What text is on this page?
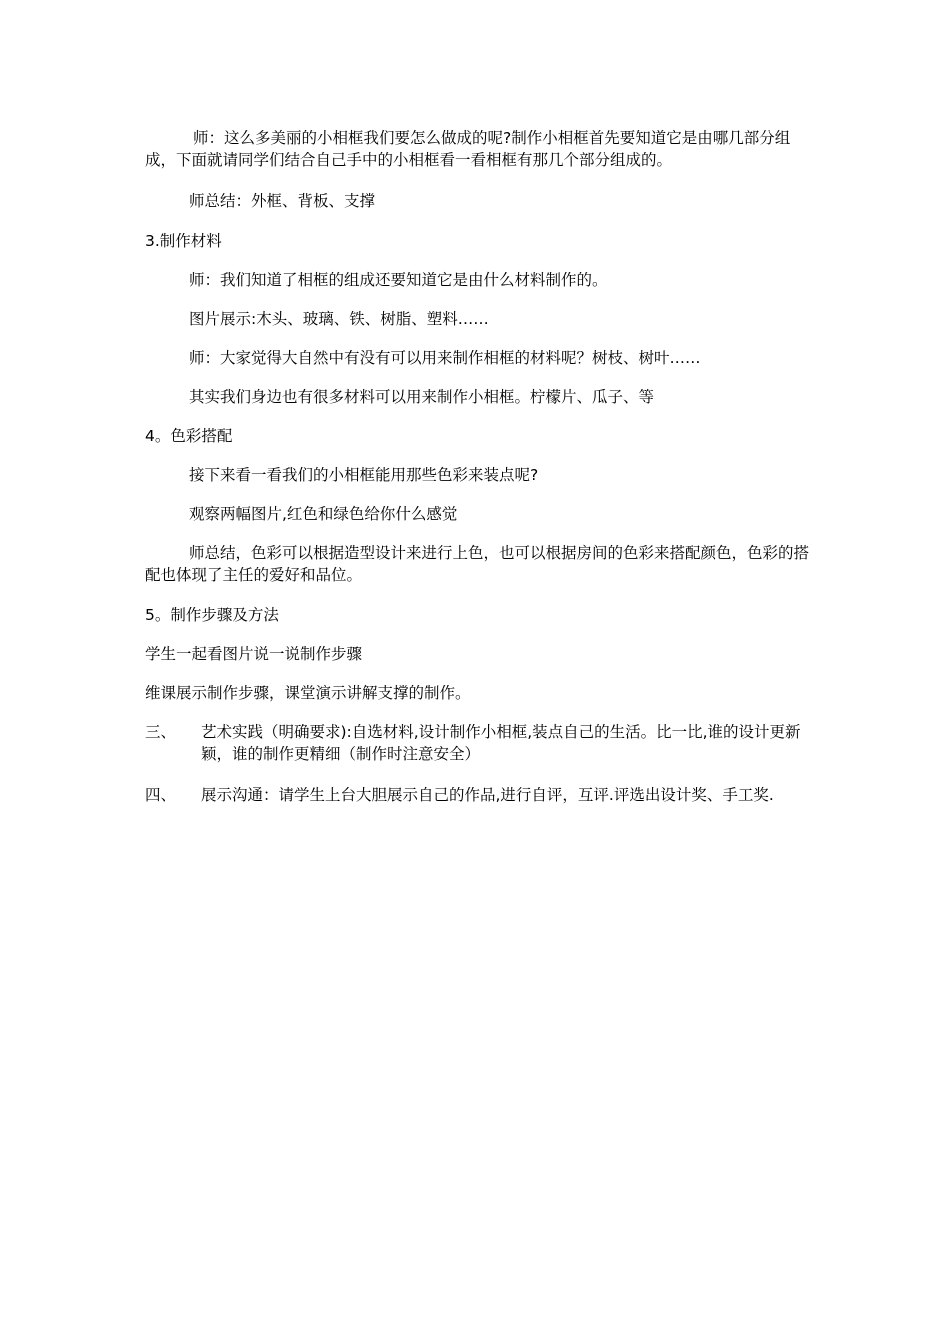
师：这么多美丽的小相框我们要怎么做成的呢?制作小相框首先要知道它是由哪几部分组成，下面就请同学们结合自己手中的小相框看一看相框有那几个部分组成的。

师总结：外框、背板、支撑

3.制作材料

师：我们知道了相框的组成还要知道它是由什么材料制作的。

图片展示:木头、玻璃、铁、树脂、塑料……

师：大家觉得大自然中有没有可以用来制作相框的材料呢？树枝、树叶……

其实我们身边也有很多材料可以用来制作小相框。柠檬片、瓜子、等

4。色彩搭配

接下来看一看我们的小相框能用那些色彩来装点呢?

观察两幅图片,红色和绿色给你什么感觉

师总结，色彩可以根据造型设计来进行上色，也可以根据房间的色彩来搭配颜色，色彩的搭配也体现了主任的爱好和品位。

5。制作步骤及方法

学生一起看图片说一说制作步骤

维课展示制作步骤，课堂演示讲解支撑的制作。

三、 艺术实践（明确要求):自选材料,设计制作小相框,装点自己的生活。比一比,谁的设计更新颖，谁的制作更精细（制作时注意安全）
四、 展示沟通：请学生上台大胆展示自己的作品,进行自评，互评.评选出设计奖、手工奖.
